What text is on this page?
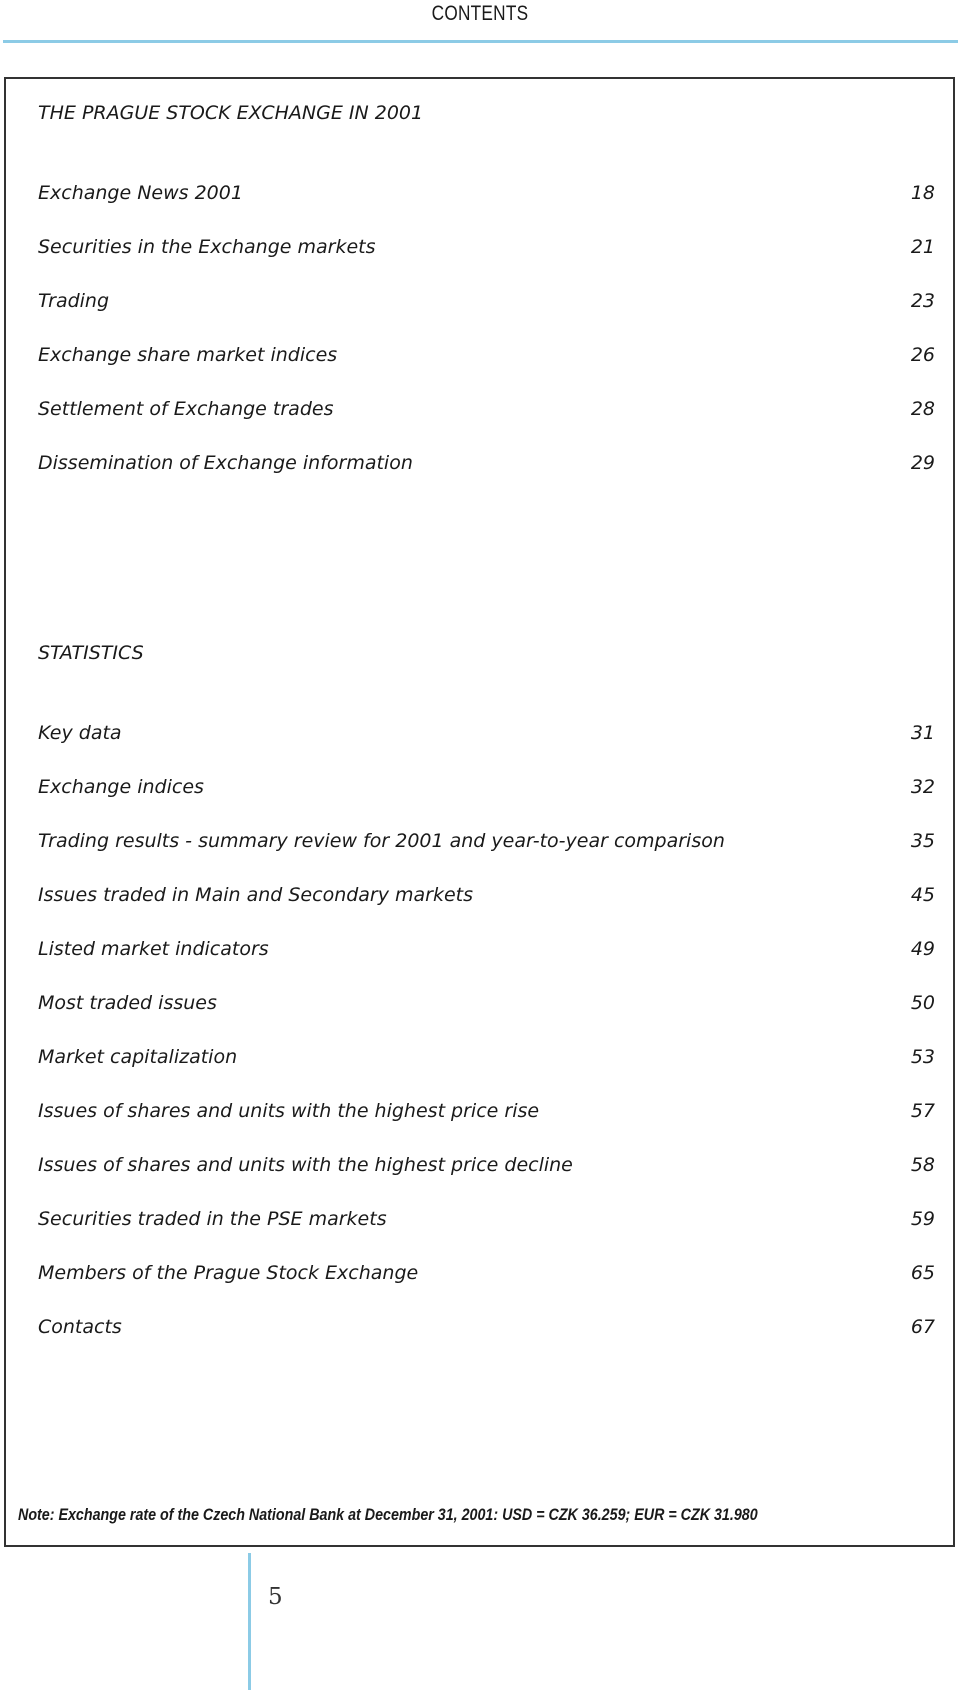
CONTENTS
THE PRAGUE STOCK EXCHANGE IN 2001
Exchange News 2001	18
Securities in the Exchange markets	21
Trading	23
Exchange share market indices	26
Settlement of Exchange trades	28
Dissemination of Exchange information	29
STATISTICS
Key data	31
Exchange indices	32
Trading results - summary review for 2001 and year-to-year comparison	35
Issues traded in Main and Secondary markets	45
Listed market indicators	49
Most traded issues	50
Market capitalization	53
Issues of shares and units with the highest price rise	57
Issues of shares and units with the highest price decline	58
Securities traded in the PSE markets	59
Members of the Prague Stock Exchange	65
Contacts	67
Note: Exchange rate of the Czech National Bank at December 31, 2001: USD = CZK 36.259; EUR = CZK 31.980
5
